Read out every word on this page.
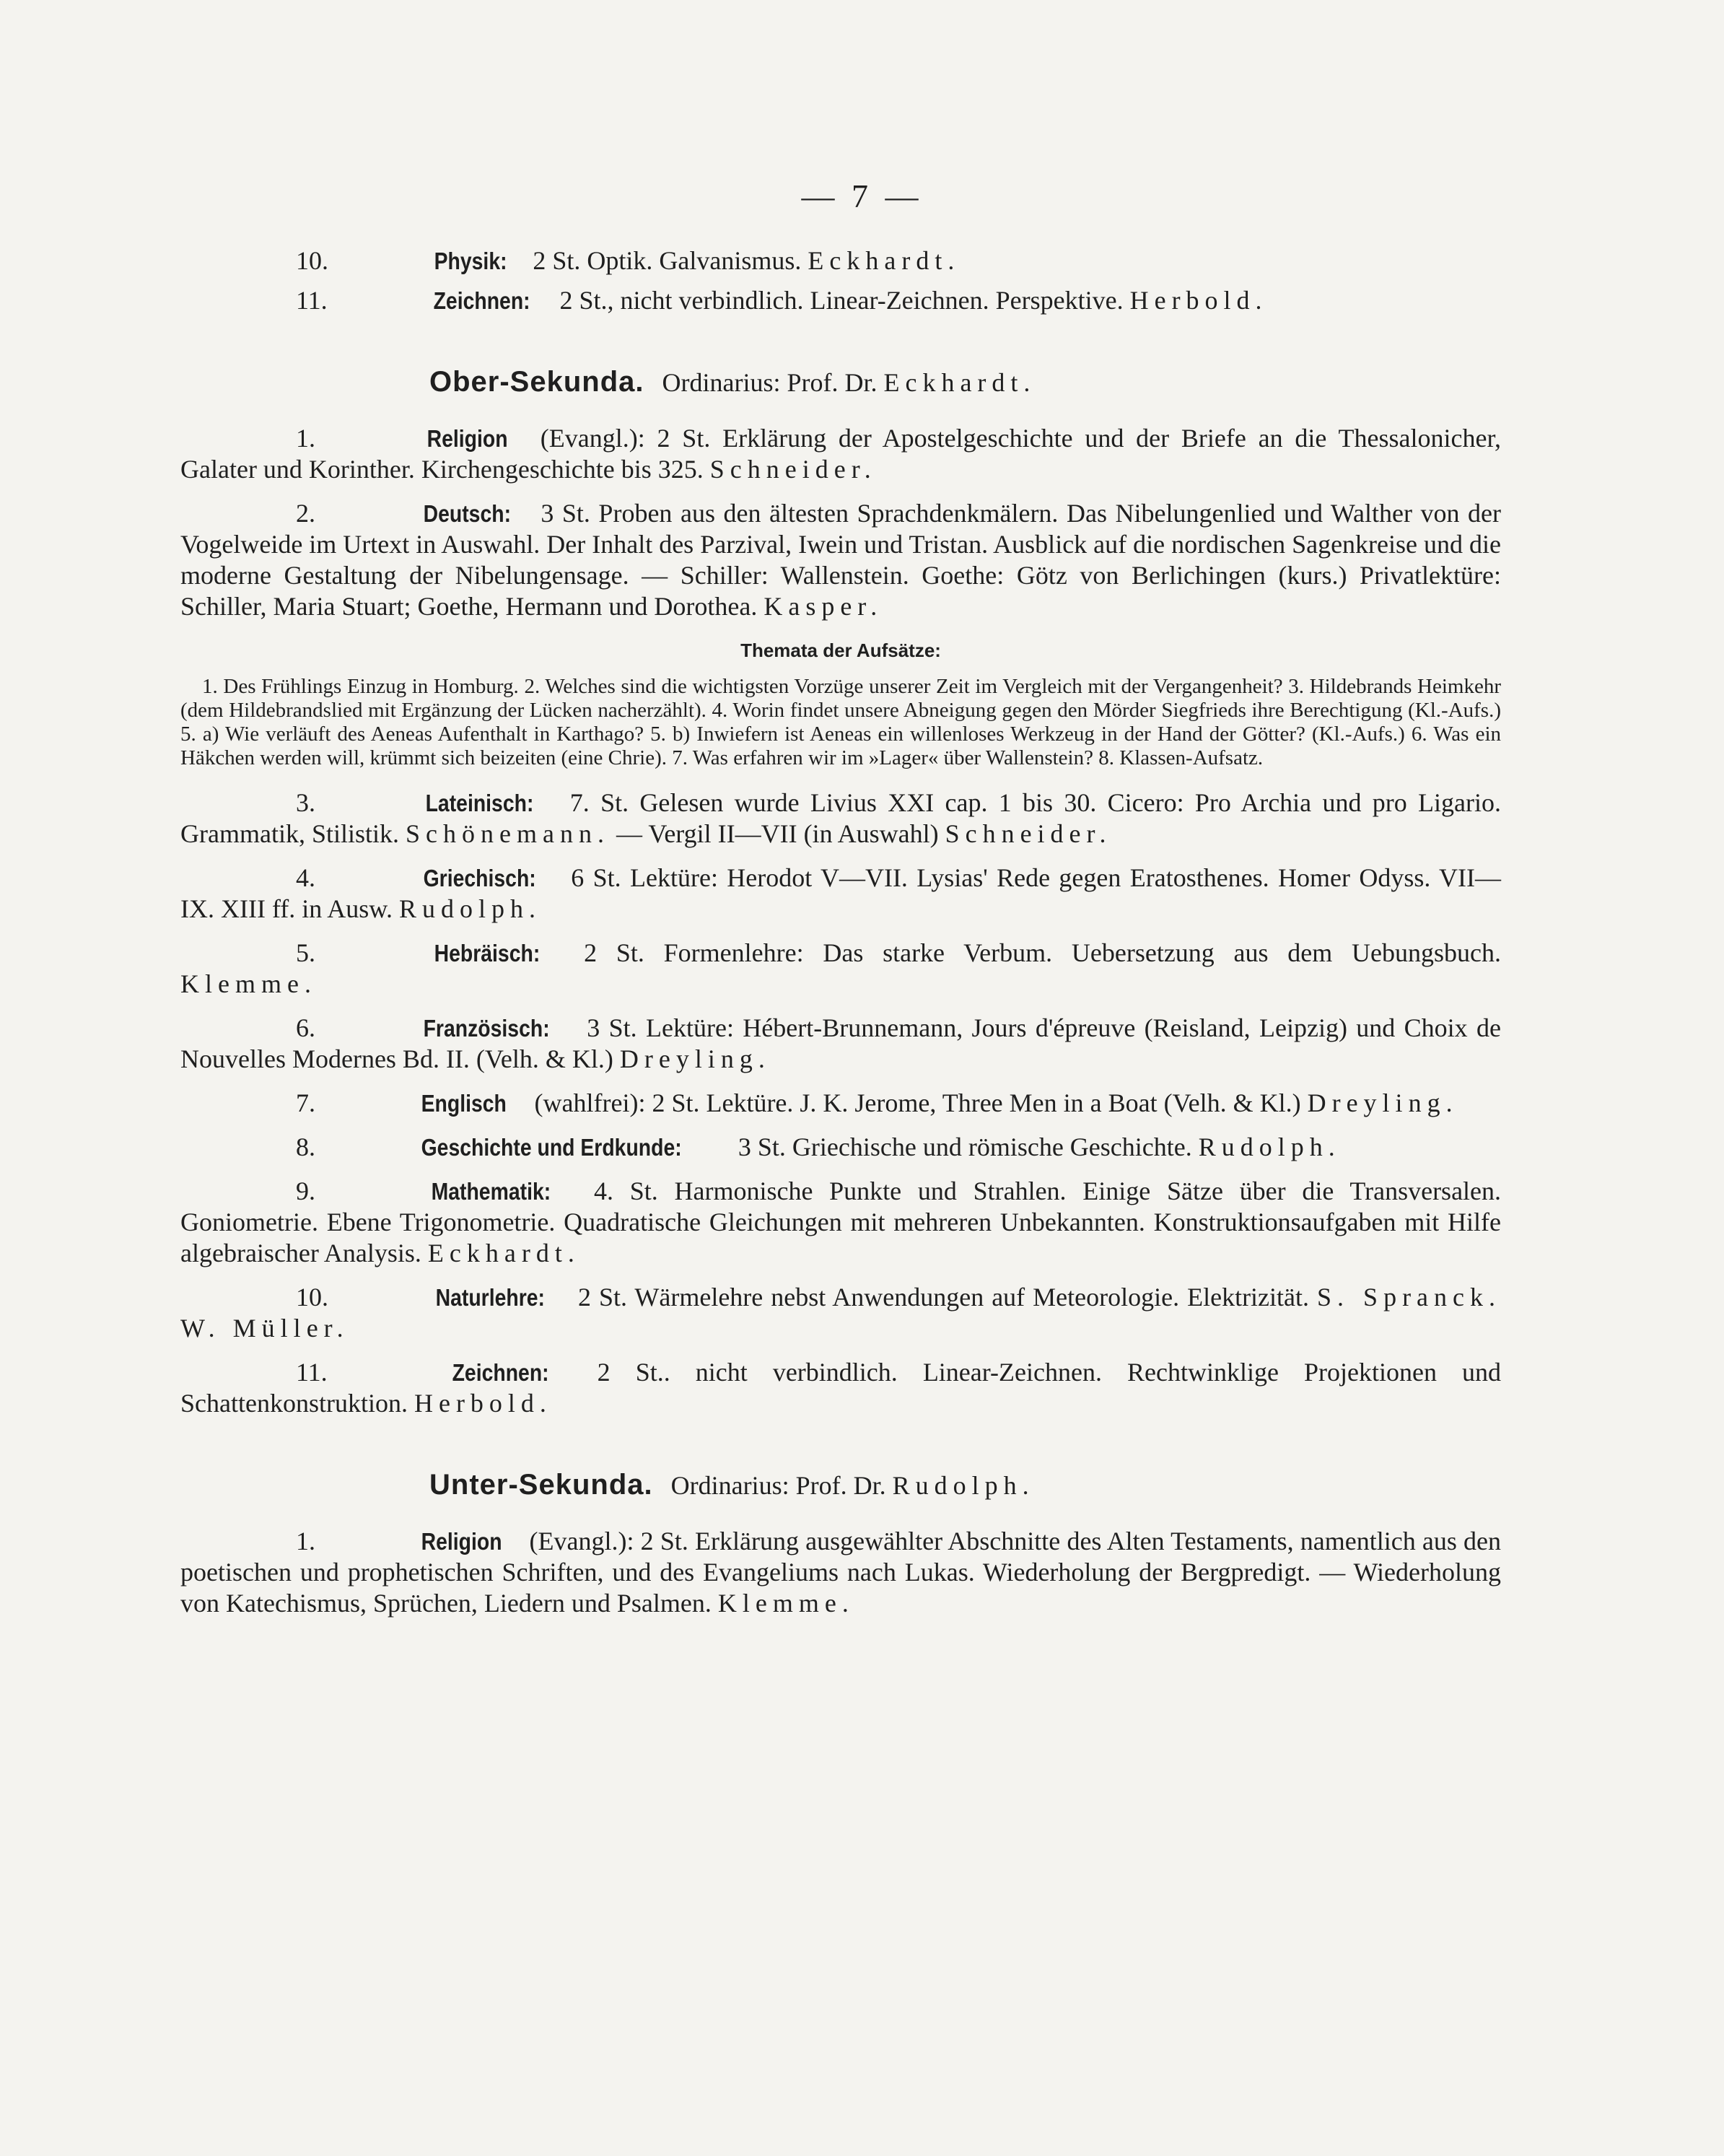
— 7 —

10.	Physik: 2 St. Optik. Galvanismus. Eckhardt.

11.	Zeichnen: 2 St., nicht verbindlich. Linear-Zeichnen. Perspektive. Herbold.

Ober-Sekunda. Ordinarius: Prof. Dr. Eckhardt.

1.	Religion (Evangl.): 2 St. Erklärung der Apostelgeschichte und der Briefe an die Thessalonicher, Galater und Korinther. Kirchengeschichte bis 325. Schneider.

2.	Deutsch: 3 St. Proben aus den ältesten Sprachdenkmälern. Das Nibelungenlied und Walther von der Vogelweide im Urtext in Auswahl. Der Inhalt des Parzival, Iwein und Tristan. Ausblick auf die nordischen Sagenkreise und die moderne Gestaltung der Nibelungensage. — Schiller: Wallenstein. Goethe: Götz von Berlichingen (kurs.) Privatlektüre: Schiller, Maria Stuart; Goethe, Hermann und Dorothea. Kasper.

Themata der Aufsätze:

1. Des Frühlings Einzug in Homburg. 2. Welches sind die wichtigsten Vorzüge unserer Zeit im Vergleich mit der Vergangenheit? 3. Hildebrands Heimkehr (dem Hildebrandslied mit Ergänzung der Lücken nacherzählt). 4. Worin findet unsere Abneigung gegen den Mörder Siegfrieds ihre Berechtigung (Kl.-Aufs.) 5. a) Wie verläuft des Aeneas Aufenthalt in Karthago? 5. b) Inwiefern ist Aeneas ein willenloses Werkzeug in der Hand der Götter? (Kl.-Aufs.) 6. Was ein Häkchen werden will, krümmt sich beizeiten (eine Chrie). 7. Was erfahren wir im »Lager« über Wallenstein? 8. Klassen-Aufsatz.

3.	Lateinisch: 7. St. Gelesen wurde Livius XXI cap. 1 bis 30. Cicero: Pro Archia und pro Ligario. Grammatik, Stilistik. Schönemann. — Vergil II—VII (in Auswahl) Schneider.

4.	Griechisch: 6 St. Lektüre: Herodot V—VII. Lysias' Rede gegen Eratosthenes. Homer Odyss. VII—IX. XIII ff. in Ausw. Rudolph.

5.	Hebräisch: 2 St. Formenlehre: Das starke Verbum. Uebersetzung aus dem Uebungsbuch. Klemme.

6.	Französisch: 3 St. Lektüre: Hébert-Brunnemann, Jours d'épreuve (Reisland, Leipzig) und Choix de Nouvelles Modernes Bd. II. (Velh. & Kl.) Dreyling.

7.	Englisch (wahlfrei): 2 St. Lektüre. J. K. Jerome, Three Men in a Boat (Velh. & Kl.) Dreyling.

8.	Geschichte und Erdkunde: 3 St. Griechische und römische Geschichte. Rudolph.

9.	Mathematik: 4. St. Harmonische Punkte und Strahlen. Einige Sätze über die Transversalen. Goniometrie. Ebene Trigonometrie. Quadratische Gleichungen mit mehreren Unbekannten. Konstruktionsaufgaben mit Hilfe algebraischer Analysis. Eckhardt.

10.	Naturlehre: 2 St. Wärmelehre nebst Anwendungen auf Meteorologie. Elektrizität. S. Spranck. W. Müller.

11.	Zeichnen: 2 St.. nicht verbindlich. Linear-Zeichnen. Rechtwinklige Projektionen und Schattenkonstruktion. Herbold.

Unter-Sekunda. Ordinarius: Prof. Dr. Rudolph.

1.	Religion (Evangl.): 2 St. Erklärung ausgewählter Abschnitte des Alten Testaments, namentlich aus den poetischen und prophetischen Schriften, und des Evangeliums nach Lukas. Wiederholung der Bergpredigt. — Wiederholung von Katechismus, Sprüchen, Liedern und Psalmen. Klemme.
